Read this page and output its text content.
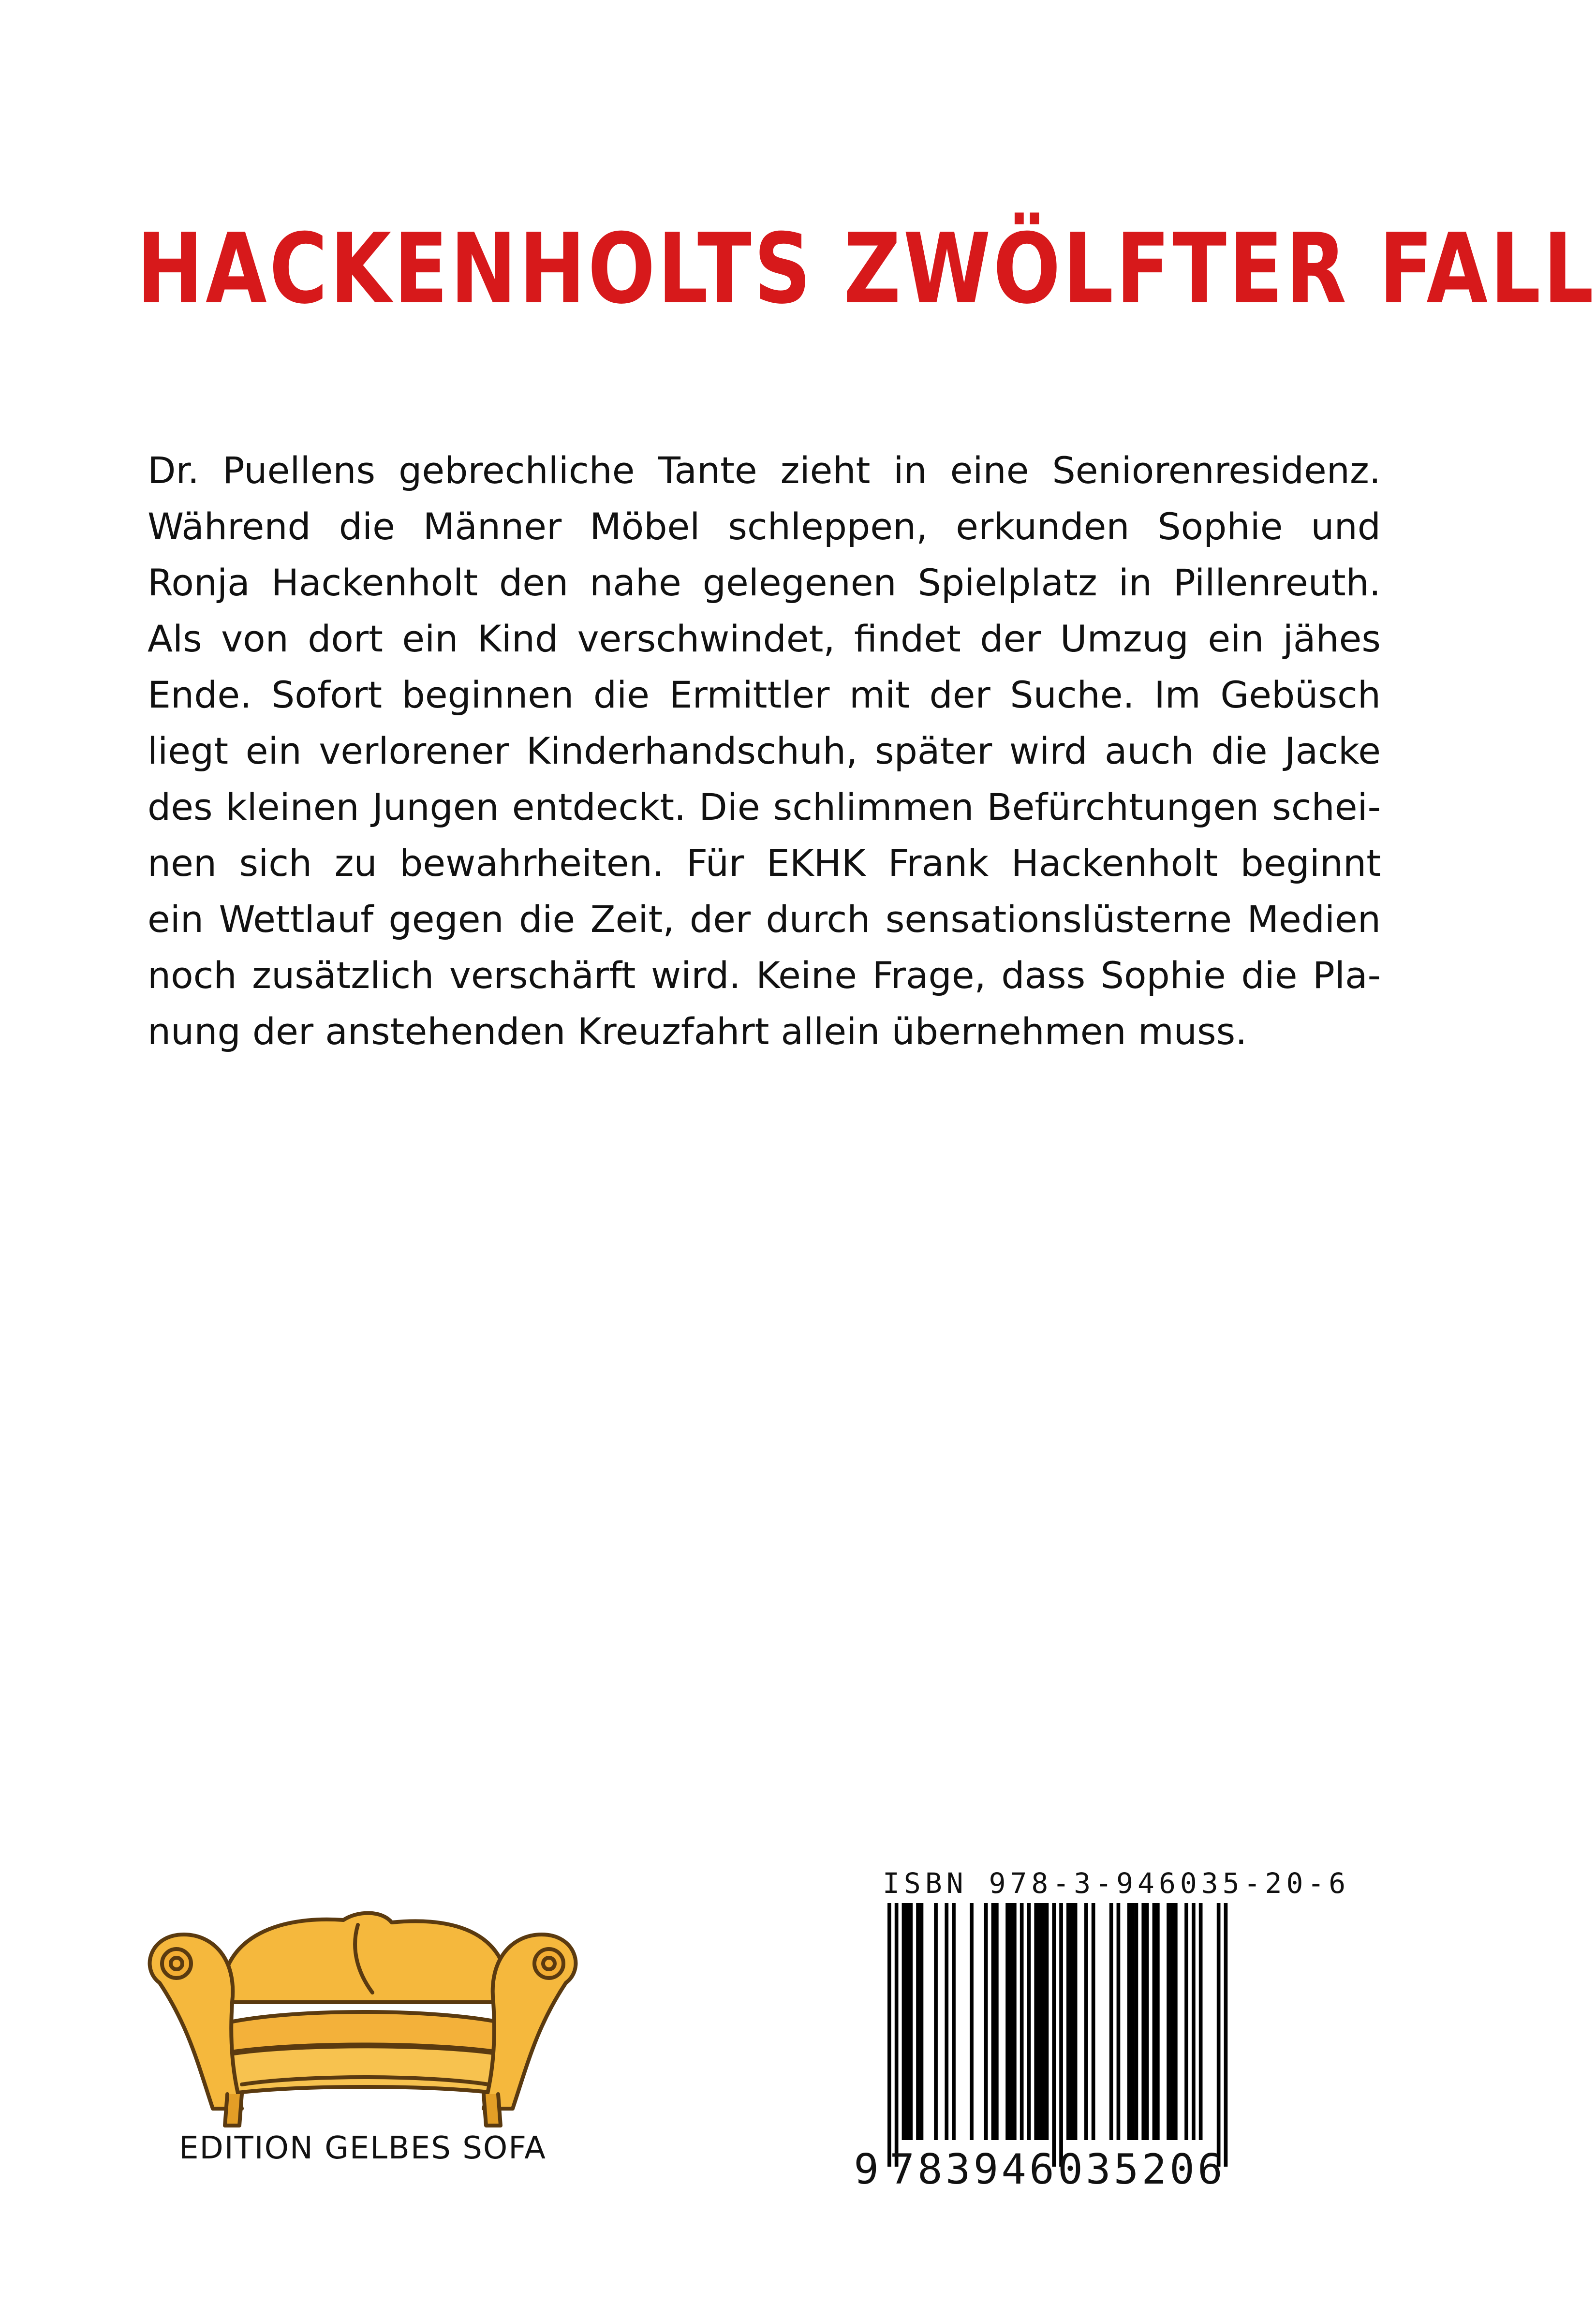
HACKENHOLTS ZWÖLFTER FALL
Dr. Puellens gebrechliche Tante zieht in eine Seniorenresidenz.
Während die Männer Möbel schleppen, erkunden Sophie und
Ronja Hackenholt den nahe gelegenen Spielplatz in Pillenreuth.
Als von dort ein Kind verschwindet, findet der Umzug ein jähes
Ende. Sofort beginnen die Ermittler mit der Suche. Im Gebüsch
liegt ein verlorener Kinderhandschuh, später wird auch die Jacke
des kleinen Jungen entdeckt. Die schlimmen Befürchtungen schei-
nen sich zu bewahrheiten. Für EKHK Frank Hackenholt beginnt
ein Wettlauf gegen die Zeit, der durch sensationslüsterne Medien
noch zusätzlich verschärft wird. Keine Frage, dass Sophie die Pla-
nung der anstehenden Kreuzfahrt allein übernehmen muss.
EDITION GELBES SOFA
ISBN 978-3-946035-20-6
9 783946 035206
